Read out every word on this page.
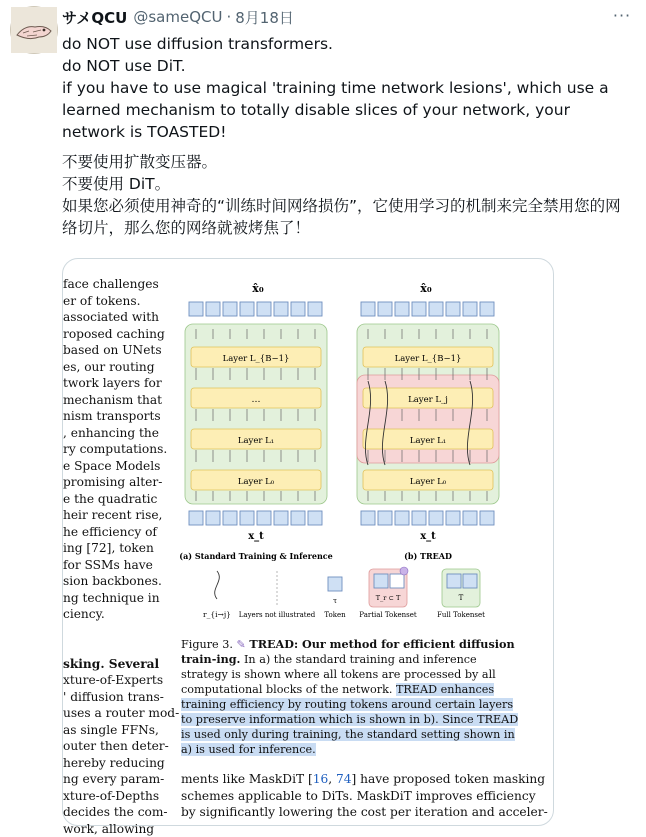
サメQCU @sameQCU · 8月18日	···

do NOT use diffusion transformers.

do NOT use DiT.

if you have to use magical 'training time network lesions', which use a learned mechanism to totally disable slices of your network, your network is TOASTED!

不要使用扩散变压器。

不要使用 DiT。

如果您必须使用神奇的“训练时间网络损伤”，它使用学习的机制来完全禁用您的网络切片，那么您的网络就被烤焦了！

face challenges
er of tokens.
associated with
roposed caching
based on UNets
es, our routing
twork layers for
mechanism that
nism transports
, enhancing the
ry computations.
e Space Models
promising alter-
e the quadratic
heir recent rise,
he efficiency of
ing [72], token
for SSMs have
sion backbones.
ng technique in
ciency.
sking. Several
xture-of-Experts
' diffusion trans-
uses a router mod-
as single FFNs,
outer then deter-
hereby reducing
ng every param-
xture-of-Depths
decides the com-
work, allowing
x̂₀
Layer L_{B−1}
…
Layer L₁
Layer L₀
x_t
(a) Standard Training & Inference
x̂₀
Layer L_{B−1}
Layer L_j
Layer L₁
Layer L₀
x_t
(b) TREAD
r_{i→j} Layers not illustrated
τ
Token
T_r ⊂ T
Partial Tokenset
T
Full Tokenset
Figure 3. ✎ TREAD: Our method for efficient diffusion train-ing. In a) the standard training and inference strategy is shown where all tokens are processed by all computational blocks of the network. TREAD enhances training efficiency by routing tokens around certain layers to preserve information which is shown in b). Since TREAD is used only during training, the standard setting shown in a) is used for inference.
ments like MaskDiT [16, 74] have proposed token masking
schemes applicable to DiTs. MaskDiT improves efficiency
by significantly lowering the cost per iteration and acceler-
